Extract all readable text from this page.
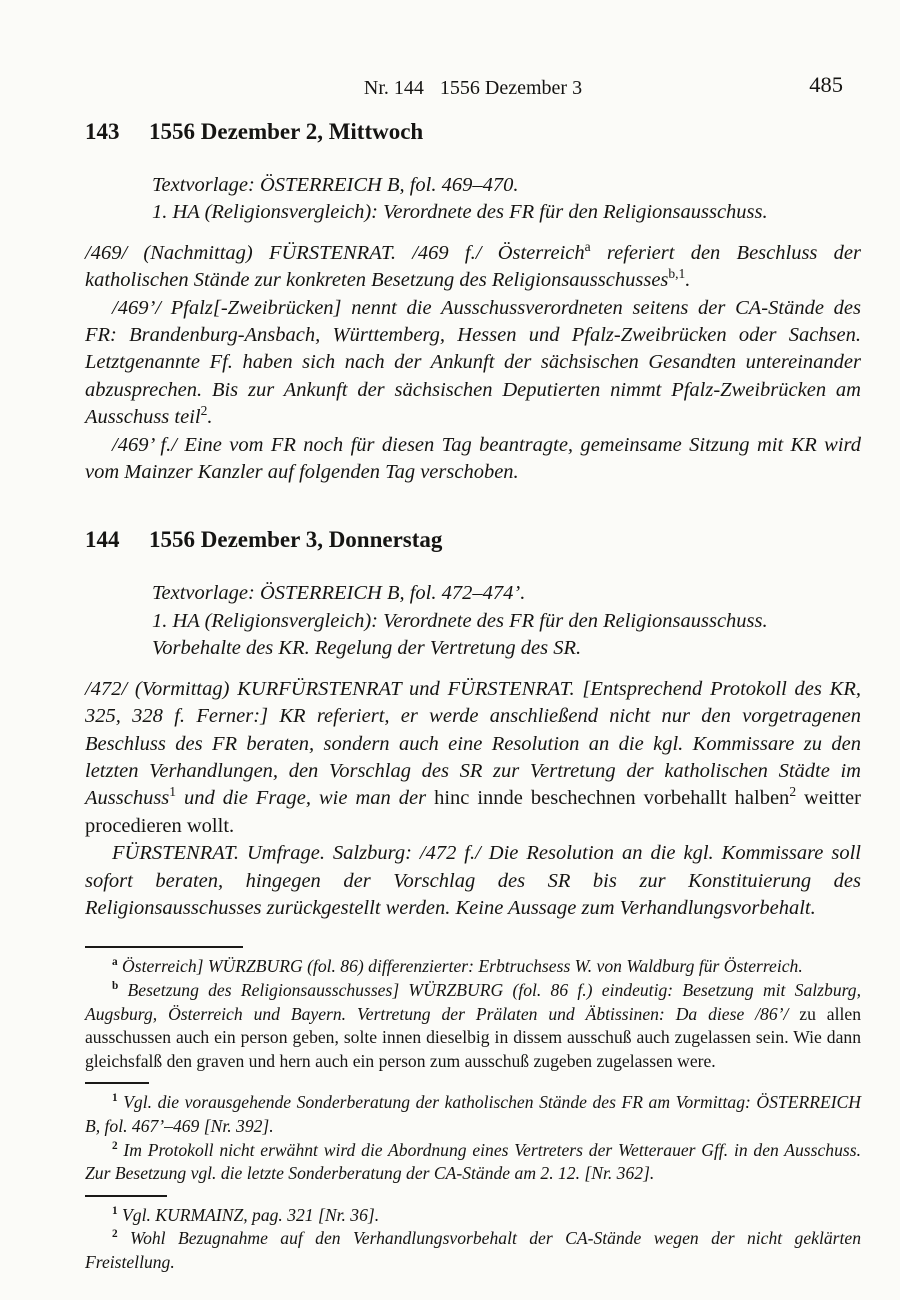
Nr. 144 1556 Dezember 3	485
143	1556 Dezember 2, Mittwoch
Textvorlage: ÖSTERREICH B, fol. 469–470.
1. HA (Religionsvergleich): Verordnete des FR für den Religionsausschuss.

/469/ (Nachmittag) FÜRSTENRAT. /469 f./ Österreich$^a$ referiert den Beschluss der katholischen Stände zur konkreten Besetzung des Religionsausschusses$^{b,1}$.

/469’/ Pfalz[-Zweibrücken] nennt die Ausschussverordneten seitens der CA-Stände des FR: Brandenburg-Ansbach, Württemberg, Hessen und Pfalz-Zweibrücken oder Sachsen. Letztgenannte Ff. haben sich nach der Ankunft der sächsischen Gesandten untereinander abzusprechen. Bis zur Ankunft der sächsischen Deputierten nimmt Pfalz-Zweibrücken am Ausschuss teil$^2$.

/469’ f./ Eine vom FR noch für diesen Tag beantragte, gemeinsame Sitzung mit KR wird vom Mainzer Kanzler auf folgenden Tag verschoben.

144	1556 Dezember 3, Donnerstag
Textvorlage: ÖSTERREICH B, fol. 472–474’.
1. HA (Religionsvergleich): Verordnete des FR für den Religionsausschuss. Vorbehalte des KR. Regelung der Vertretung des SR.

/472/ (Vormittag) KURFÜRSTENRAT und FÜRSTENRAT. [Entsprechend Protokoll des KR, 325, 328 f. Ferner:] KR referiert, er werde anschließend nicht nur den vorgetragenen Beschluss des FR beraten, sondern auch eine Resolution an die kgl. Kommissare zu den letzten Verhandlungen, den Vorschlag des SR zur Vertretung der katholischen Städte im Ausschuss$^1$ und die Frage, wie man der hinc innde beschechnen vorbehallt halben$^2$ weitter procedieren wollt.

FÜRSTENRAT. Umfrage. Salzburg: /472 f./ Die Resolution an die kgl. Kommissare soll sofort beraten, hingegen der Vorschlag des SR bis zur Konstituierung des Religionsausschusses zurückgestellt werden. Keine Aussage zum Verhandlungsvorbehalt.

$^a$ Österreich] WÜRZBURG (fol. 86) differenzierter: Erbtruchsess W. von Waldburg für Österreich.

$^b$ Besetzung des Religionsausschusses] WÜRZBURG (fol. 86 f.) eindeutig: Besetzung mit Salzburg, Augsburg, Österreich und Bayern. Vertretung der Prälaten und Äbtissinen: Da diese /86’/ zu allen ausschussen auch ein person geben, solte innen dieselbig in dissem ausschuß auch zugelassen sein. Wie dann gleichsfalß den graven und hern auch ein person zum ausschuß zugeben zugelassen were.

$^1$ Vgl. die vorausgehende Sonderberatung der katholischen Stände des FR am Vormittag: ÖSTERREICH B, fol. 467’–469 [Nr. 392].

$^2$ Im Protokoll nicht erwähnt wird die Abordnung eines Vertreters der Wetterauer Gff. in den Ausschuss. Zur Besetzung vgl. die letzte Sonderberatung der CA-Stände am 2. 12. [Nr. 362].

$^1$ Vgl. KURMAINZ, pag. 321 [Nr. 36].

$^2$ Wohl Bezugnahme auf den Verhandlungsvorbehalt der CA-Stände wegen der nicht geklärten Freistellung.
